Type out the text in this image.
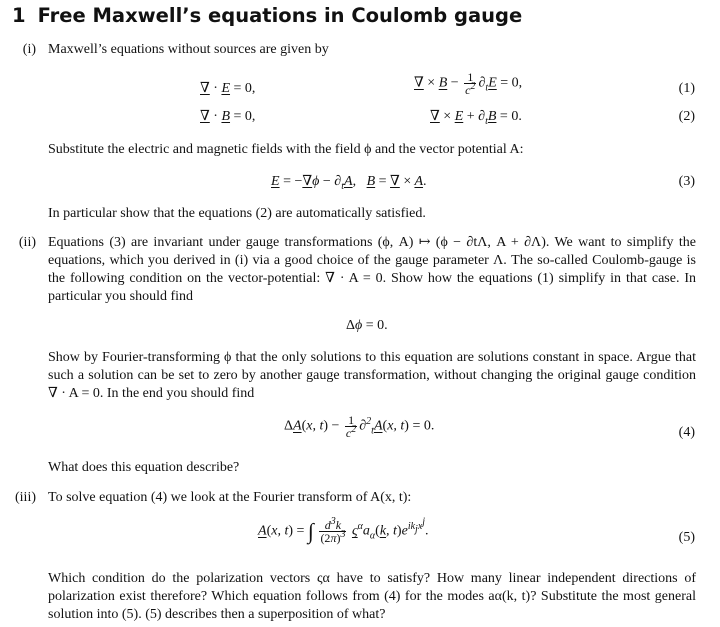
1 Free Maxwell’s equations in Coulomb gauge
(i) Maxwell’s equations without sources are given by
∇ · E = 0,	∇ × $B - \frac{1}{c^2} \partial_tE = 0$,	(1)
∇ · B = 0,	∇ × $E + \partial_tB = 0$.	(2)
Substitute the electric and magnetic fields with the field ϕ and the vector potential A:
$E = -\nabla\phi - \partial_tA$, B = ∇ × A.	(3)
In particular show that the equations (2) are automatically satisfied.
(ii) Equations (3) are invariant under gauge transformations (ϕ, A) ↦ (ϕ − ∂tΛ, A + ∂Λ). We want to simplify the equations, which you derived in (i) via a good choice of the gauge parameter Λ. The so-called Coulomb-gauge is the following condition on the vector-potential: ∇ · A = 0. Show how the equations (1) simplify in that case. In particular you should find
Δϕ = 0.
Show by Fourier-transforming ϕ that the only solutions to this equation are solutions constant in space. Argue that such a solution can be set to zero by another gauge transformation, without changing the original gauge condition ∇ · A = 0. In the end you should find
ΔA(x, $t) - \frac{1}{c^2} \partial^2_tA(x$, t) = 0.	(4)
What does this equation describe?
(iii) To solve equation (4) we look at the Fourier transform of A(x, t):
A(x, t) = ∫ $\frac{d^3k}{(2\pi)^3} \varsigma^\alpha a_\alpha(k$, $t)e^{ik_jx^j}$.	(5)
Which condition do the polarization vectors ςα have to satisfy? How many linear independent directions of polarization exist therefore? Which equation follows from (4) for the modes aα(k, t)? Substitute the most general solution into (5). (5) describes then a superposition of what?
